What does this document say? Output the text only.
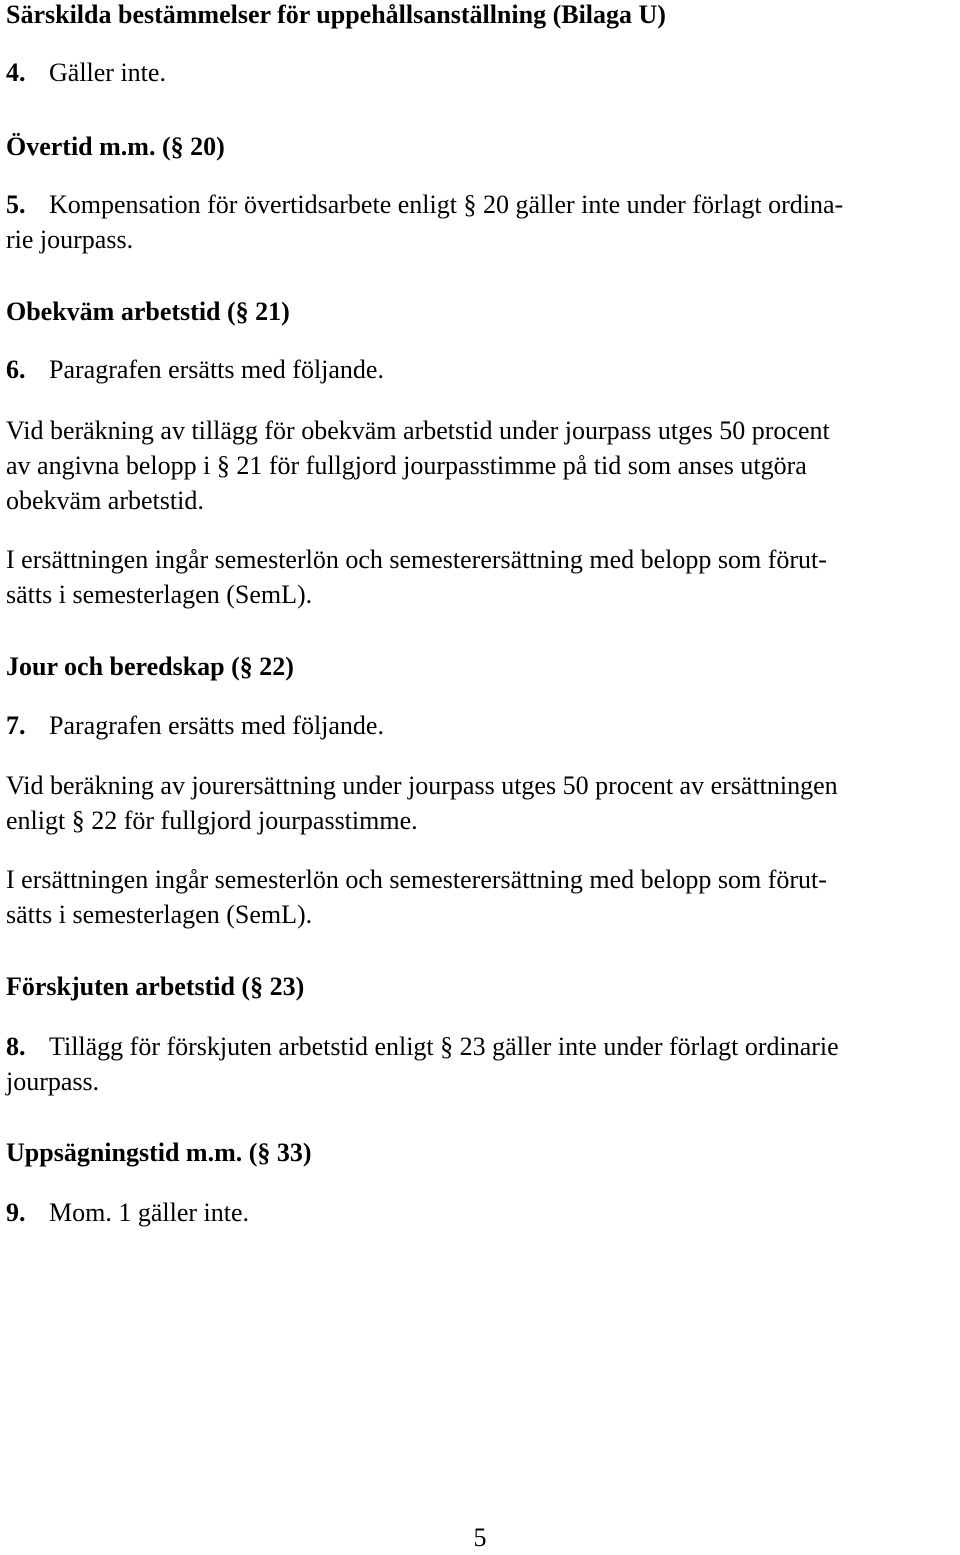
Särskilda bestämmelser för uppehållsanställning (Bilaga U)

4. Gäller inte.

Övertid m.m. (§ 20)

5. Kompensation för övertidsarbete enligt § 20 gäller inte under förlagt ordina-

rie jourpass.

Obekväm arbetstid (§ 21)

6. Paragrafen ersätts med följande.

Vid beräkning av tillägg för obekväm arbetstid under jourpass utges 50 procent

av angivna belopp i § 21 för fullgjord jourpasstimme på tid som anses utgöra

obekväm arbetstid.

I ersättningen ingår semesterlön och semesterersättning med belopp som förut-

sätts i semesterlagen (SemL).

Jour och beredskap (§ 22)

7. Paragrafen ersätts med följande.

Vid beräkning av jourersättning under jourpass utges 50 procent av ersättningen

enligt § 22 för fullgjord jourpasstimme.

I ersättningen ingår semesterlön och semesterersättning med belopp som förut-

sätts i semesterlagen (SemL).

Förskjuten arbetstid (§ 23)

8. Tillägg för förskjuten arbetstid enligt § 23 gäller inte under förlagt ordinarie

jourpass.

Uppsägningstid m.m. (§ 33)

9. Mom. 1 gäller inte.

5
